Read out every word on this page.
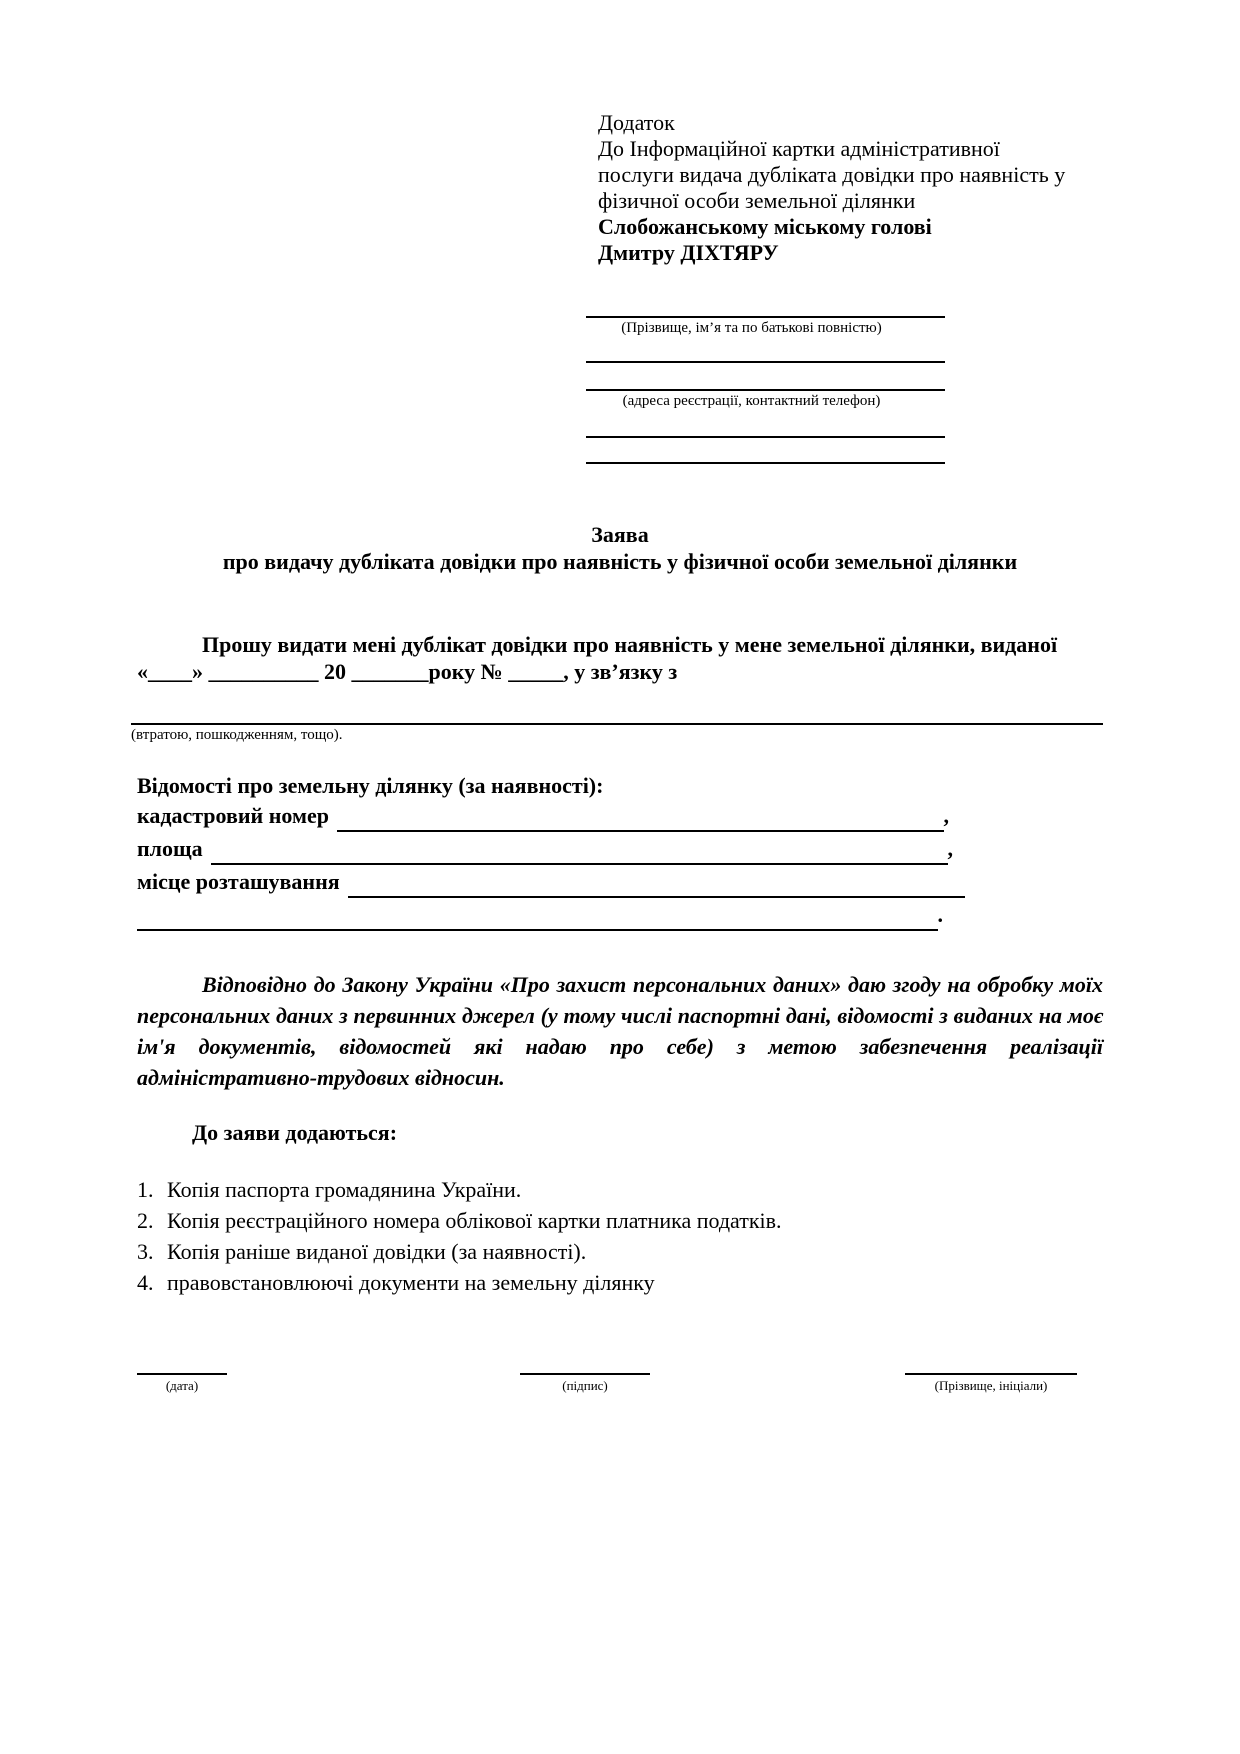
Додаток
До Інформаційної картки адміністративної
послуги видача дубліката довідки про наявність у
фізичної особи земельної ділянки
Слобожанському міському голові
Дмитру ДІХТЯРУ
(Прізвище, ім’я та по батькові повністю)
(адреса реєстрації, контактний телефон)
Заява
про видачу дубліката довідки про наявність у фізичної особи земельної ділянки
Прошу видати мені дублікат довідки про наявність у мене земельної ділянки, виданої
«____» __________ 20 _______року № _____, у зв’язку з
(втратою, пошкодженням, тощо).
Відомості про земельну ділянку (за наявності):
кадастровий номер	,
площа	,
місце розташування
.
Відповідно до Закону України «Про захист персональних даних» даю згоду на обробку моїх персональних даних з первинних джерел (у тому числі паспортні дані, відомості з виданих на моє ім'я документів, відомостей які надаю про себе) з метою забезпечення реалізації адміністративно-трудових відносин.
До заяви додаються:
1. Копія паспорта громадянина України.
2. Копія реєстраційного номера облікової картки платника податків.
3. Копія раніше виданої довідки (за наявності).
4. правовстановлюючі документи на земельну ділянку
(дата)	(підпис)	(Прізвище, ініціали)
